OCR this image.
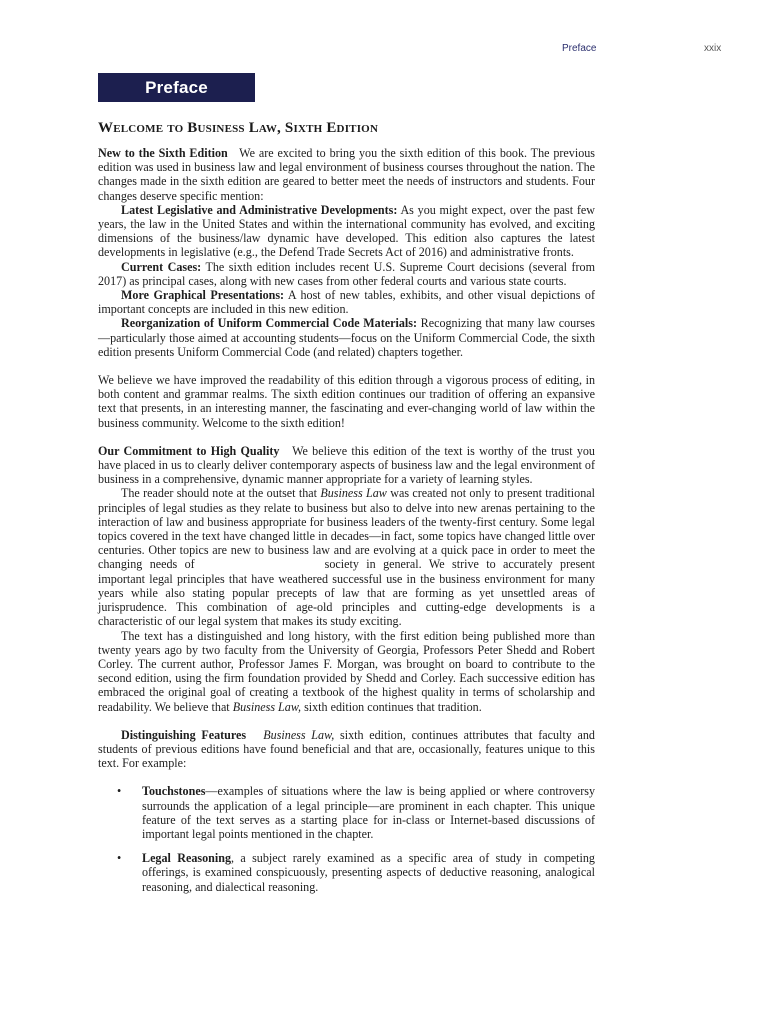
Preface	xxix
Preface
Welcome to Business Law, Sixth Edition

New to the Sixth Edition We are excited to bring you the sixth edition of this book. The previous edition was used in business law and legal environment of business courses throughout the nation. The changes made in the sixth edition are geared to better meet the needs of instructors and students. Four changes deserve specific mention:

Latest Legislative and Administrative Developments: As you might expect, over the past few years, the law in the United States and within the international community has evolved, and exciting dimensions of the business/law dynamic have developed. This edition also captures the latest developments in legislative (e.g., the Defend Trade Secrets Act of 2016) and administrative fronts.

Current Cases: The sixth edition includes recent U.S. Supreme Court decisions (several from 2017) as principal cases, along with new cases from other federal courts and various state courts.

More Graphical Presentations: A host of new tables, exhibits, and other visual depictions of important concepts are included in this new edition.

Reorganization of Uniform Commercial Code Materials: Recognizing that many law courses—particularly those aimed at accounting students—focus on the Uniform Commercial Code, the sixth edition presents Uniform Commercial Code (and related) chapters together.

We believe we have improved the readability of this edition through a vigorous process of editing, in both content and grammar realms. The sixth edition continues our tradition of offering an expansive text that presents, in an interesting manner, the fascinating and ever-changing world of law within the business community. Welcome to the sixth edition!

Our Commitment to High Quality We believe this edition of the text is worthy of the trust you have placed in us to clearly deliver contemporary aspects of business law and the legal environment of business in a comprehensive, dynamic manner appropriate for a variety of learning styles.

The reader should note at the outset that Business Law was created not only to present traditional principles of legal studies as they relate to business but also to delve into new arenas pertaining to the interaction of law and business appropriate for business leaders of the twenty-first century. Some legal topics covered in the text have changed little in decades—in fact, some topics have changed little over centuries. Other topics are new to business law and are evolving at a quick pace in order to meet the changing needs of	society in general. We strive to accurately present important legal principles that have weathered successful use in the business environment for many years while also stating popular precepts of law that are forming as yet unsettled areas of jurisprudence. This combination of age-old principles and cutting-edge developments is a characteristic of our legal system that makes its study exciting.

The text has a distinguished and long history, with the first edition being published more than twenty years ago by two faculty from the University of Georgia, Professors Peter Shedd and Robert Corley. The current author, Professor James F. Morgan, was brought on board to contribute to the second edition, using the firm foundation provided by Shedd and Corley. Each successive edition has embraced the original goal of creating a textbook of the highest quality in terms of scholarship and readability. We believe that Business Law, sixth edition continues that tradition.

Distinguishing Features Business Law, sixth edition, continues attributes that faculty and students of previous editions have found beneficial and that are, occasionally, features unique to this text. For example:

• Touchstones—examples of situations where the law is being applied or where controversy surrounds the application of a legal principle—are prominent in each chapter. This unique feature of the text serves as a starting place for in-class or Internet-based discussions of important legal points mentioned in the chapter.
• Legal Reasoning, a subject rarely examined as a specific area of study in competing offerings, is examined conspicuously, presenting aspects of deductive reasoning, analogical reasoning, and dialectical reasoning.
